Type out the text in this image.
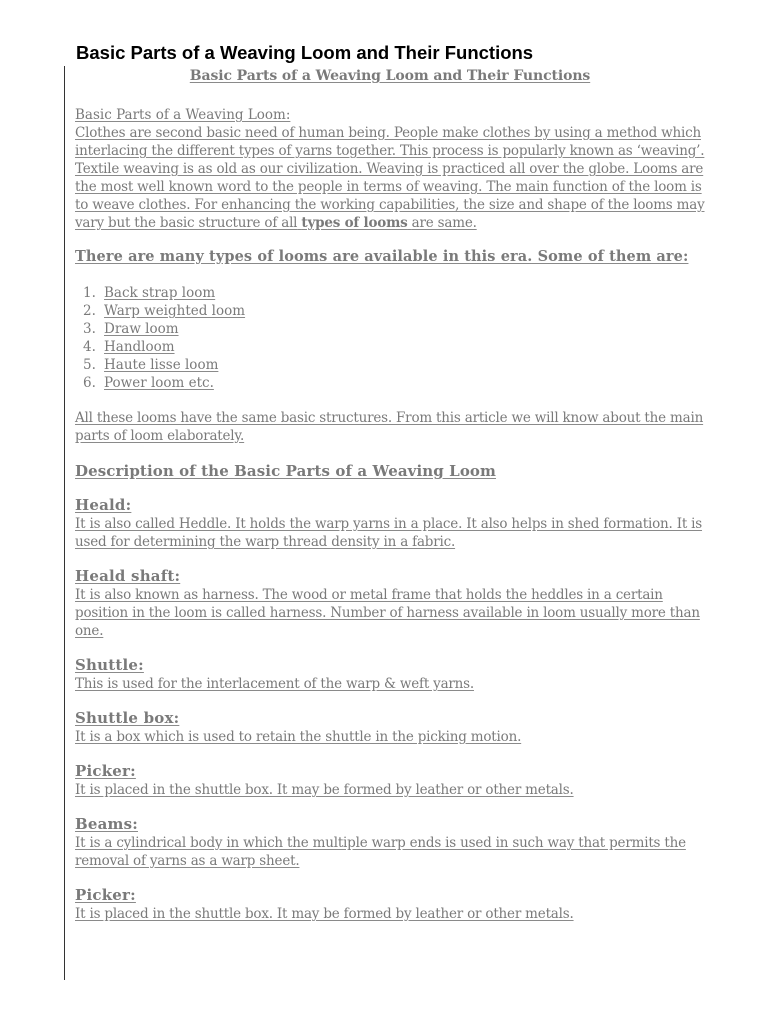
Basic Parts of a Weaving Loom and Their Functions

Basic Parts of a Weaving Loom and Their Functions

Basic Parts of a Weaving Loom:

Clothes are second basic need of human being. People make clothes by using a method which interlacing the different types of yarns together. This process is popularly known as ‘weaving’. Textile weaving is as old as our civilization. Weaving is practiced all over the globe. Looms are the most well known word to the people in terms of weaving. The main function of the loom is to weave clothes. For enhancing the working capabilities, the size and shape of the looms may vary but the basic structure of all types of looms are same.

There are many types of looms are available in this era. Some of them are:

1. Back strap loom
2. Warp weighted loom
3. Draw loom
4. Handloom
5. Haute lisse loom
6. Power loom etc.

All these looms have the same basic structures. From this article we will know about the main parts of loom elaborately.

Description of the Basic Parts of a Weaving Loom

Heald:

It is also called Heddle. It holds the warp yarns in a place. It also helps in shed formation. It is used for determining the warp thread density in a fabric.

Heald shaft:

It is also known as harness. The wood or metal frame that holds the heddles in a certain position in the loom is called harness. Number of harness available in loom usually more than one.

Shuttle:

This is used for the interlacement of the warp & weft yarns.

Shuttle box:

It is a box which is used to retain the shuttle in the picking motion.

Picker:

It is placed in the shuttle box. It may be formed by leather or other metals.

Beams:

It is a cylindrical body in which the multiple warp ends is used in such way that permits the removal of yarns as a warp sheet.

Picker:

It is placed in the shuttle box. It may be formed by leather or other metals.
